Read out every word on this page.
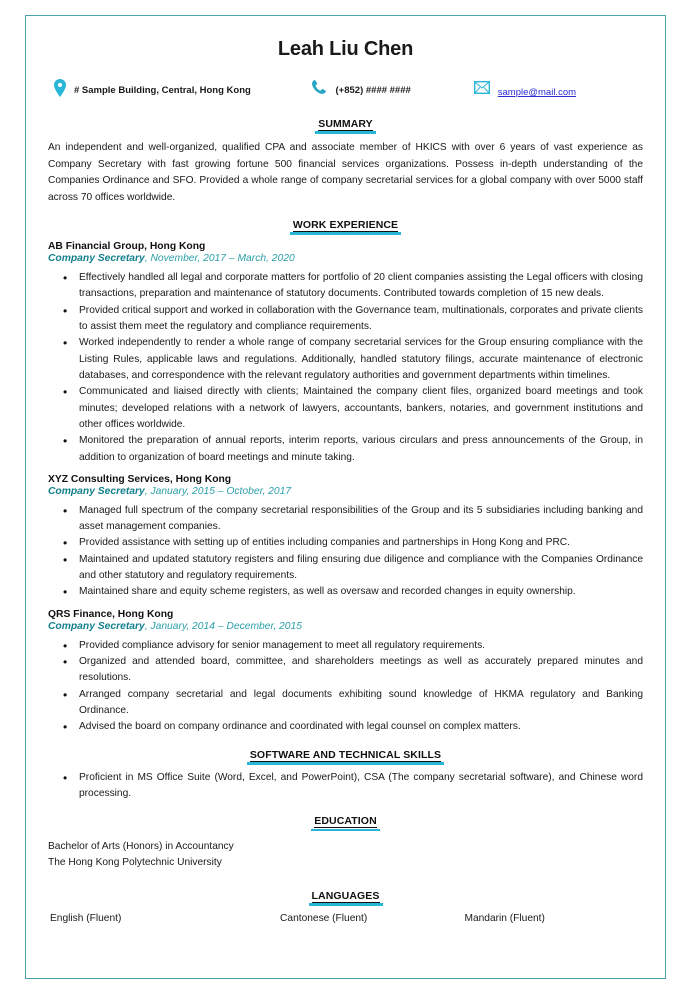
Leah Liu Chen
# Sample Building, Central, Hong Kong	(+852) #### ####	sample@mail.com
SUMMARY

An independent and well-organized, qualified CPA and associate member of HKICS with over 6 years of vast experience as Company Secretary with fast growing fortune 500 financial services organizations. Possess in-depth understanding of the Companies Ordinance and SFO. Provided a whole range of company secretarial services for a global company with over 5000 staff across 70 offices worldwide.

WORK EXPERIENCE
AB Financial Group, Hong Kong
Company Secretary, November, 2017 – March, 2020
• Effectively handled all legal and corporate matters for portfolio of 20 client companies assisting the Legal officers with closing transactions, preparation and maintenance of statutory documents. Contributed towards completion of 15 new deals.
• Provided critical support and worked in collaboration with the Governance team, multinationals, corporates and private clients to assist them meet the regulatory and compliance requirements.
• Worked independently to render a whole range of company secretarial services for the Group ensuring compliance with the Listing Rules, applicable laws and regulations. Additionally, handled statutory filings, accurate maintenance of electronic databases, and correspondence with the relevant regulatory authorities and government departments within timelines.
• Communicated and liaised directly with clients; Maintained the company client files, organized board meetings and took minutes; developed relations with a network of lawyers, accountants, bankers, notaries, and government institutions and other offices worldwide.
• Monitored the preparation of annual reports, interim reports, various circulars and press announcements of the Group, in addition to organization of board meetings and minute taking.
XYZ Consulting Services, Hong Kong
Company Secretary, January, 2015 – October, 2017
• Managed full spectrum of the company secretarial responsibilities of the Group and its 5 subsidiaries including banking and asset management companies.
• Provided assistance with setting up of entities including companies and partnerships in Hong Kong and PRC.
• Maintained and updated statutory registers and filing ensuring due diligence and compliance with the Companies Ordinance and other statutory and regulatory requirements.
• Maintained share and equity scheme registers, as well as oversaw and recorded changes in equity ownership.
QRS Finance, Hong Kong
Company Secretary, January, 2014 – December, 2015
• Provided compliance advisory for senior management to meet all regulatory requirements.
• Organized and attended board, committee, and shareholders meetings as well as accurately prepared minutes and resolutions.
• Arranged company secretarial and legal documents exhibiting sound knowledge of HKMA regulatory and Banking Ordinance.
• Advised the board on company ordinance and coordinated with legal counsel on complex matters.
SOFTWARE AND TECHNICAL SKILLS
• Proficient in MS Office Suite (Word, Excel, and PowerPoint), CSA (The company secretarial software), and Chinese word processing.
EDUCATION
Bachelor of Arts (Honors) in Accountancy
The Hong Kong Polytechnic University
LANGUAGES
English (Fluent)	Cantonese (Fluent)	Mandarin (Fluent)
